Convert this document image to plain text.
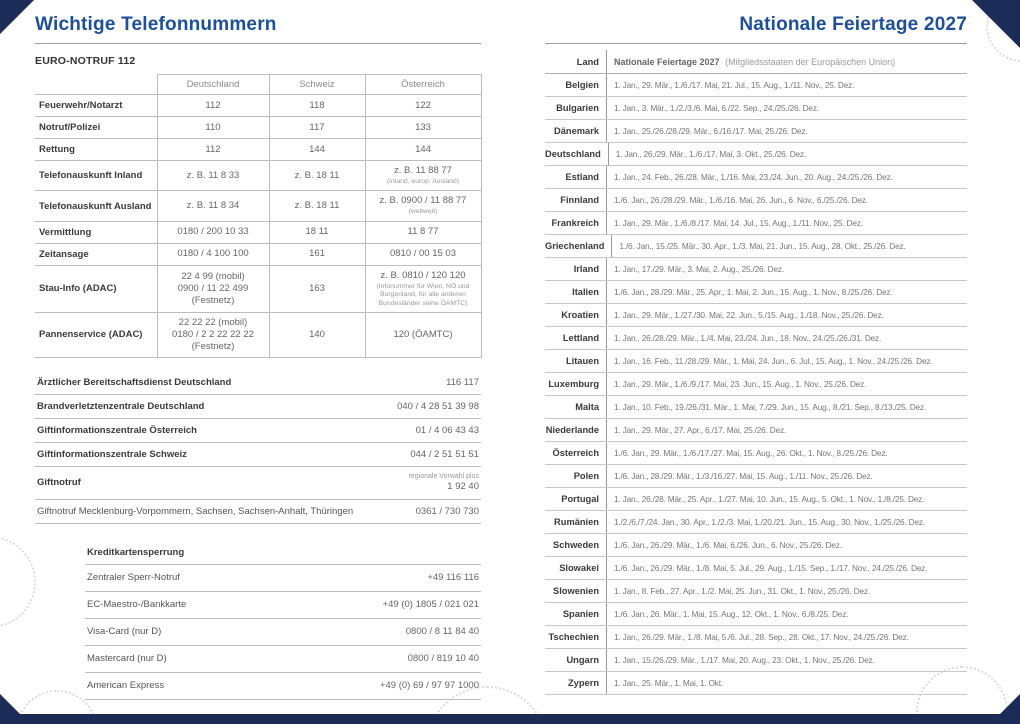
Wichtige Telefonnummern
EURO-NOTRUF 112
	Deutschland	Schweiz	Österreich
Feuerwehr/Notarzt	112	118	122

Notruf/Polizei	110	117	133

Rettung	112	144	144

Telefonauskunft Inland	z. B. 11 8 33	z. B. 18 11	z. B. 11 88 77
(Inland, europ. Ausland)

Telefonauskunft Ausland	z. B. 11 8 34	z. B. 18 11	z. B. 0900 / 11 88 77
(weltweit)

Vermittlung	0180 / 200 10 33	18 11	11 8 77

Zeitansage	0180 / 4 100 100	161	0810 / 00 15 03

Stau-Info (ADAC)	22 4 99 (mobil)
0900 / 11 22 499 (Festnetz)	163	z. B. 0810 / 120 120
(Infonummer für Wien, NÖ und Burgenland, für alle anderen Bundesländer siehe ÖAMTC)

Pannenservice (ADAC)	22 22 22 (mobil)
0180 / 2 2 22 22 22 (Festnetz)	140	120 (ÖAMTC)
Ärztlicher Bereitschaftsdienst Deutschland	116 117
Brandverletztenzentrale Deutschland	040 / 4 28 51 39 98
Giftinformationszentrale Österreich	01 / 4 06 43 43
Giftinformationszentrale Schweiz	044 / 2 51 51 51
Giftnotruf
regionale Vorwahl plus
1 92 40
Giftnotruf Mecklenburg-Vorpommern, Sachsen, Sachsen-Anhalt, Thüringen	0361 / 730 730
Kreditkartensperrung
Zentraler Sperr-Notruf	+49 116 116
EC-Maestro-/Bankkarte	+49 (0) 1805 / 021 021
Visa-Card (nur D)	0800 / 8 11 84 40
Mastercard (nur D)	0800 / 819 10 40
American Express	+49 (0) 69 / 97 97 1000
Nationale Feiertage 2027
Land	Nationale Feiertage 2027 (Mitgliedsstaaten der Europäischen Union)
Belgien	1. Jan., 29. Mär., 1./6./17. Mai, 21. Jul., 15. Aug., 1./11. Nov., 25. Dez.
Bulgarien	1. Jan., 3. Mär., 1./2./3./6. Mai, 6./22. Sep., 24./25./26. Dez.
Dänemark	1. Jan., 25./26./28./29. Mär., 6./16./17. Mai, 25./26. Dez.
Deutschland	1. Jan., 26./29. Mär., 1./6./17. Mai, 3. Okt., 25./26. Dez.
Estland	1. Jan., 24. Feb., 26./28. Mär., 1./16. Mai, 23./24. Jun., 20. Aug., 24./25./26. Dez.
Finnland	1./6. Jan., 26./28./29. Mär., 1./6./16. Mai, 26. Jun., 6. Nov., 6./25./26. Dez.
Frankreich	1. Jan., 29. Mär., 1./6./8./17. Mai, 14. Jul., 15. Aug., 1./11. Nov., 25. Dez.
Griechenland	1./6. Jan., 15./25. Mär., 30. Apr., 1./3. Mai, 21. Jun., 15. Aug., 28. Okt., 25./26. Dez.
Irland	1. Jan., 17./29. Mär., 3. Mai, 2. Aug., 25./26. Dez.
Italien	1./6. Jan., 28./29. Mär., 25. Apr., 1. Mai, 2. Jun., 15. Aug., 1. Nov., 8./25./26. Dez.
Kroatien	1. Jan., 29. Mär., 1./27./30. Mai, 22. Jun., 5./15. Aug., 1./18. Nov., 25./26. Dez.
Lettland	1. Jan., 26./28./29. Mär., 1./4. Mai, 23./24. Jun., 18. Nov., 24./25./26./31. Dez.
Litauen	1. Jan., 16. Feb., 11./28./29. Mär., 1. Mai, 24. Jun., 6. Jul., 15. Aug., 1. Nov., 24./25./26. Dez.
Luxemburg	1. Jan., 29. Mär., 1./6./9./17. Mai, 23. Jun., 15. Aug., 1. Nov., 25./26. Dez.
Malta	1. Jan., 10. Feb., 19./26./31. Mär., 1. Mai, 7./29. Jun., 15. Aug., 8./21. Sep., 8./13./25. Dez.
Niederlande	1. Jan., 29. Mär., 27. Apr., 6./17. Mai, 25./26. Dez.
Österreich	1./6. Jan., 29. Mär., 1./6./17./27. Mai, 15. Aug., 26. Okt., 1. Nov., 8./25./26. Dez.
Polen	1./6. Jan., 28./29. Mär., 1./3./16./27. Mai, 15. Aug., 1./11. Nov., 25./26. Dez.
Portugal	1. Jan., 26./28. Mär., 25. Apr., 1./27. Mai, 10. Jun., 15. Aug., 5. Okt., 1. Nov., 1./8./25. Dez.
Rumänien	1./2./6./7./24. Jan., 30. Apr., 1./2./3. Mai, 1./20./21. Jun., 15. Aug., 30. Nov., 1./25./26. Dez.
Schweden	1./6. Jan., 26./29. Mär., 1./6. Mai, 6./26. Jun., 6. Nov., 25./26. Dez.
Slowakei	1./6. Jan., 26./29. Mär., 1./8. Mai, 5. Jul., 29. Aug., 1./15. Sep., 1./17. Nov., 24./25./26. Dez.
Slowenien	1. Jan., 8. Feb., 27. Apr., 1./2. Mai, 25. Jun., 31. Okt., 1. Nov., 25./26. Dez.
Spanien	1./6. Jan., 26. Mär., 1. Mai, 15. Aug., 12. Okt., 1. Nov., 6./8./25. Dez.
Tschechien	1. Jan., 26./29. Mär., 1./8. Mai, 5./6. Jul., 28. Sep., 28. Okt., 17. Nov., 24./25./26. Dez.
Ungarn	1. Jan., 15./26./29. Mär., 1./17. Mai, 20. Aug., 23. Okt., 1. Nov., 25./26. Dez.
Zypern	1. Jan., 25. Mär., 1. Mai, 1. Okt.
